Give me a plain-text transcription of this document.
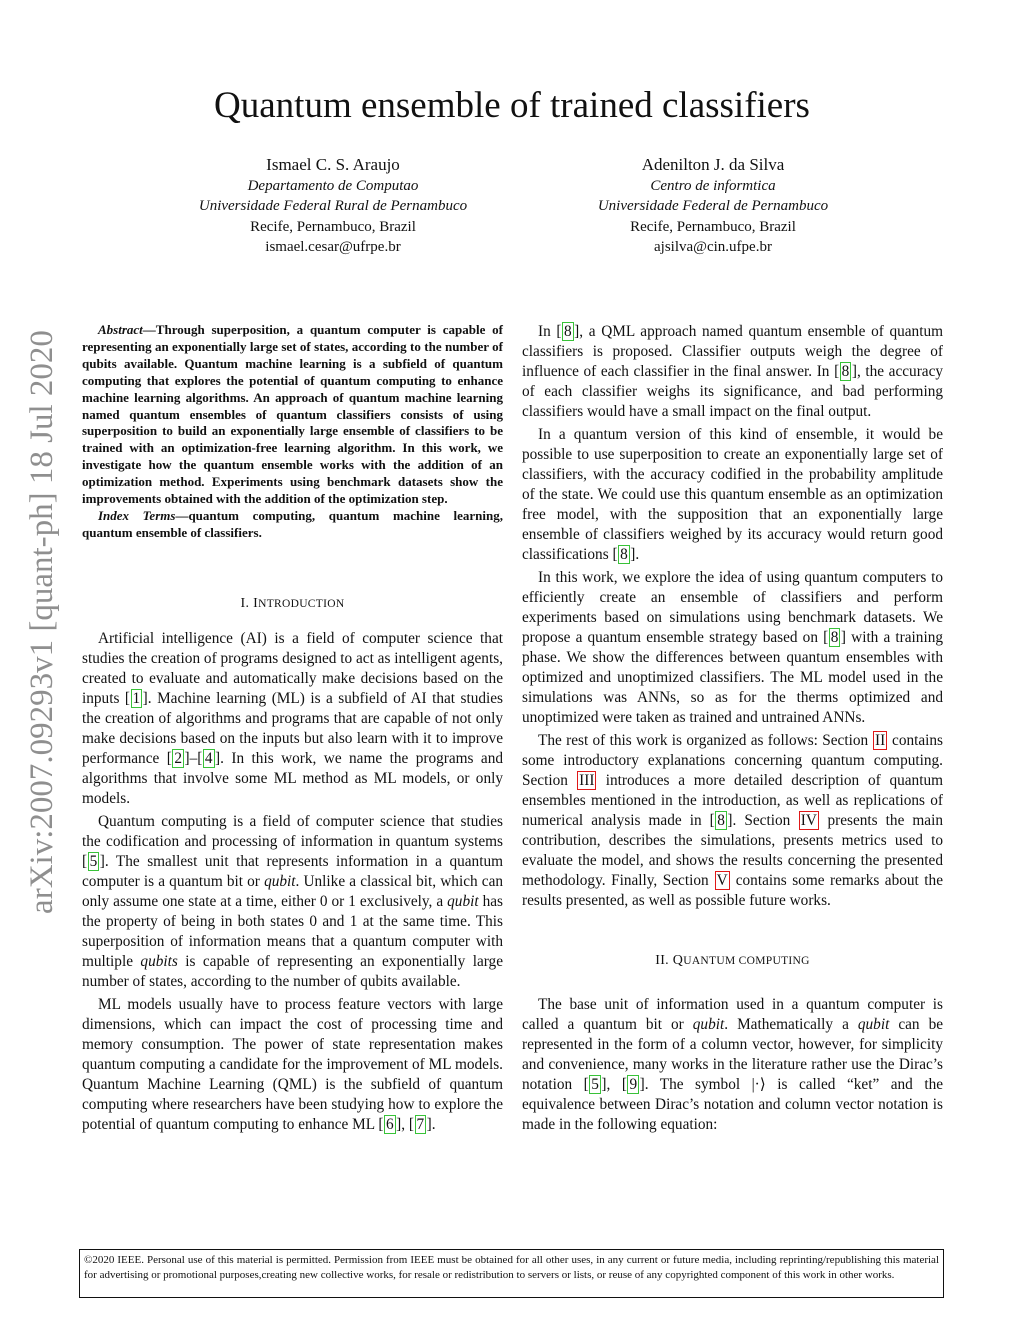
arXiv:2007.09293v1 [quant-ph] 18 Jul 2020
Quantum ensemble of trained classifiers
Ismael C. S. Araujo
Departamento de Computao
Universidade Federal Rural de Pernambuco
Recife, Pernambuco, Brazil
ismael.cesar@ufrpe.br
Adenilton J. da Silva
Centro de informtica
Universidade Federal de Pernambuco
Recife, Pernambuco, Brazil
ajsilva@cin.ufpe.br

Abstract—Through superposition, a quantum computer is capable of representing an exponentially large set of states, according to the number of qubits available. Quantum machine learning is a subfield of quantum computing that explores the potential of quantum computing to enhance machine learning algorithms. An approach of quantum machine learning named quantum ensembles of quantum classifiers consists of using superposition to build an exponentially large ensemble of classifiers to be trained with an optimization-free learning algorithm. In this work, we investigate how the quantum ensemble works with the addition of an optimization method. Experiments using benchmark datasets show the improvements obtained with the addition of the optimization step.

Index Terms—quantum computing, quantum machine learning, quantum ensemble of classifiers.

I. INTRODUCTION

Artificial intelligence (AI) is a field of computer science that studies the creation of programs designed to act as intelligent agents, created to evaluate and automatically make decisions based on the inputs [ 1 ]. Machine learning (ML) is a subfield of AI that studies the creation of algorithms and programs that are capable of not only make decisions based on the inputs but also learn with it to improve performance [ 2 ]–[ 4 ]. In this work, we name the programs and algorithms that involve some ML method as ML models, or only models.

Quantum computing is a field of computer science that studies the codification and processing of information in quantum systems [ 5 ]. The smallest unit that represents information in a quantum computer is a quantum bit or qubit. Unlike a classical bit, which can only assume one state at a time, either 0 or 1 exclusively, a qubit has the property of being in both states 0 and 1 at the same time. This superposition of information means that a quantum computer with multiple qubits is capable of representing an exponentially large number of states, according to the number of qubits available.

ML models usually have to process feature vectors with large dimensions, which can impact the cost of processing time and memory consumption. The power of state representation makes quantum computing a candidate for the improvement of ML models. Quantum Machine Learning (QML) is the subfield of quantum computing where researchers have been studying how to explore the potential of quantum computing to enhance ML [ 6 ], [ 7 ].

In [ 8 ], a QML approach named quantum ensemble of quantum classifiers is proposed. Classifier outputs weigh the degree of influence of each classifier in the final answer. In [ 8 ], the accuracy of each classifier weighs its significance, and bad performing classifiers would have a small impact on the final output.

In a quantum version of this kind of ensemble, it would be possible to use superposition to create an exponentially large set of classifiers, with the accuracy codified in the probability amplitude of the state. We could use this quantum ensemble as an optimization free model, with the supposition that an exponentially large ensemble of classifiers weighed by its accuracy would return good classifications [ 8 ].

In this work, we explore the idea of using quantum computers to efficiently create an ensemble of classifiers and perform experiments based on simulations using benchmark datasets. We propose a quantum ensemble strategy based on [ 8 ] with a training phase. We show the differences between quantum ensembles with optimized and unoptimized classifiers. The ML model used in the simulations was ANNs, so as for the therms optimized and unoptimized were taken as trained and untrained ANNs.

The rest of this work is organized as follows: Section II contains some introductory explanations concerning quantum computing. Section III introduces a more detailed description of quantum ensembles mentioned in the introduction, as well as replications of numerical analysis made in [ 8 ]. Section IV presents the main contribution, describes the simulations, presents metrics used to evaluate the model, and shows the results concerning the presented methodology. Finally, Section V contains some remarks about the results presented, as well as possible future works.

II. QUANTUM COMPUTING

The base unit of information used in a quantum computer is called a quantum bit or qubit. Mathematically a qubit can be represented in the form of a column vector, however, for simplicity and convenience, many works in the literature rather use the Dirac’s notation [ 5 ], [ 9 ]. The symbol |·⟩ is called “ket” and the equivalence between Dirac’s notation and column vector notation is made in the following equation:

©2020 IEEE. Personal use of this material is permitted. Permission from IEEE must be obtained for all other uses, in any current or future media, including reprinting/republishing this material for advertising or promotional purposes,creating new collective works, for resale or redistribution to servers or lists, or reuse of any copyrighted component of this work in other works.
